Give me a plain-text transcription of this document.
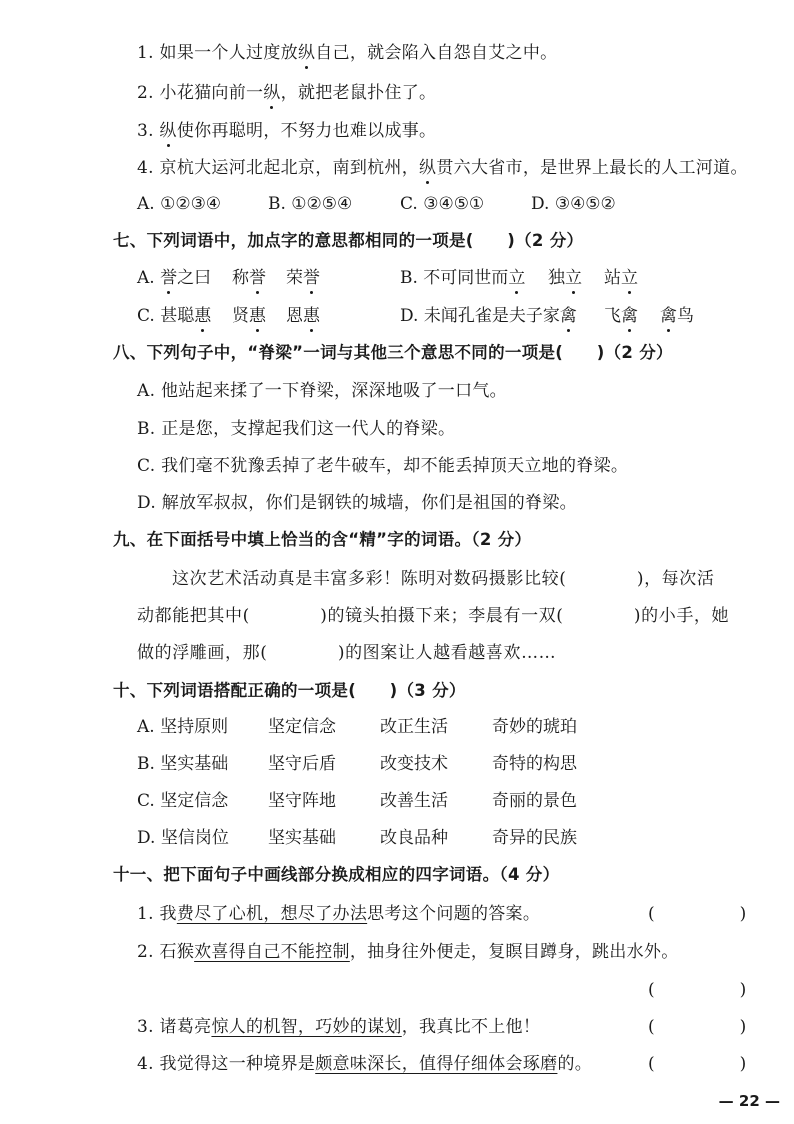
1. 如果一个人过度放纵自己，就会陷入自怨自艾之中。
2. 小花猫向前一纵，就把老鼠扑住了。
3. 纵使你再聪明，不努力也难以成事。
4. 京杭大运河北起北京，南到杭州，纵贯六大省市，是世界上最长的人工河道。
A. ①②③④	B. ①②⑤④	C. ③④⑤①	D. ③④⑤②
七、下列词语中，加点字的意思都相同的一项是(　　)（2 分）
A. 誉之曰 称誉 荣誉	B. 不可同世而立 独立 站立
C. 甚聪惠 贤惠 恩惠	D. 未闻孔雀是夫子家禽 飞禽 禽鸟
八、下列句子中，“脊梁”一词与其他三个意思不同的一项是(　　)（2 分）
A. 他站起来揉了一下脊梁，深深地吸了一口气。
B. 正是您，支撑起我们这一代人的脊梁。
C. 我们毫不犹豫丢掉了老牛破车，却不能丢掉顶天立地的脊梁。
D. 解放军叔叔，你们是钢铁的城墙，你们是祖国的脊梁。
九、在下面括号中填上恰当的含“精”字的词语。（2 分）
这次艺术活动真是丰富多彩！陈明对数码摄影比较(　　　　)，每次活
动都能把其中(　　　　)的镜头拍摄下来；李晨有一双(　　　　)的小手，她
做的浮雕画，那(　　　　)的图案让人越看越喜欢……
十、下列词语搭配正确的一项是(　　)（3 分）
A. 坚持原则 坚定信念	改正生活	奇妙的琥珀
B. 坚实基础 坚守后盾	改变技术	奇特的构思
C. 坚定信念 坚守阵地	改善生活	奇丽的景色
D. 坚信岗位 坚实基础	改良品种	奇异的民族
十一、把下面句子中画线部分换成相应的四字词语。（4 分）
1. 我费尽了心机，想尽了办法思考这个问题的答案。	(　　　　　)
2. 石猴欢喜得自己不能控制，抽身往外便走，复瞑目蹲身，跳出水外。
(　　　　　)
3. 诸葛亮惊人的机智，巧妙的谋划，我真比不上他！	(　　　　　)
4. 我觉得这一种境界是颇意味深长，值得仔细体会琢磨的。	(　　　　　)
— 22 —
